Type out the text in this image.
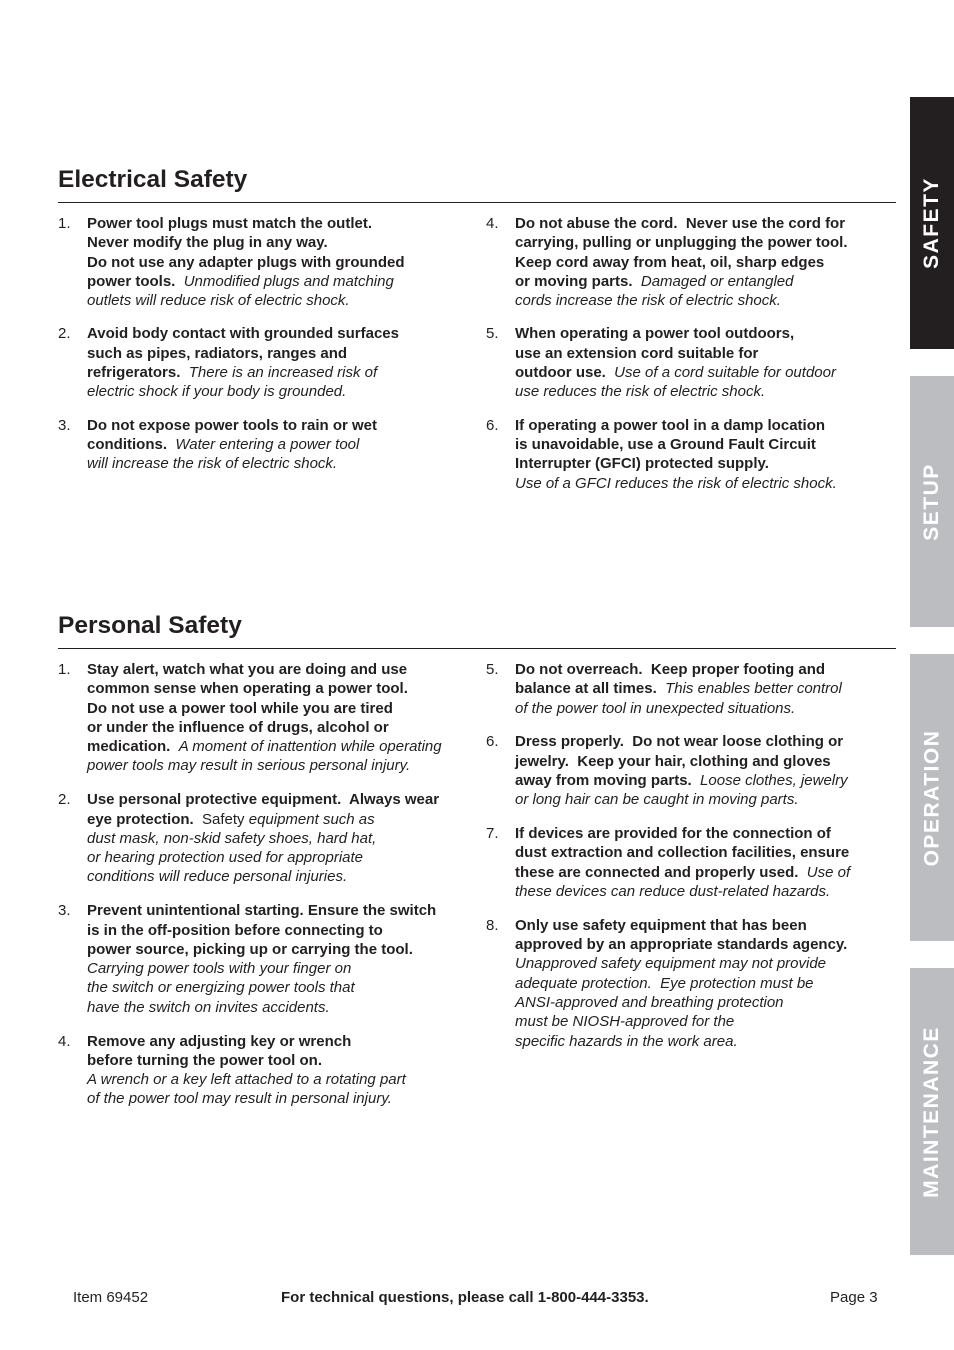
SAFETY
SETUP
OPERATION
MAINTENANCE
Electrical Safety
1. Power tool plugs must match the outlet.
Never modify the plug in any way.
Do not use any adapter plugs with grounded
power tools.  Unmodified plugs and matching
outlets will reduce risk of electric shock.
2. Avoid body contact with grounded surfaces
such as pipes, radiators, ranges and
refrigerators.  There is an increased risk of
electric shock if your body is grounded.
3. Do not expose power tools to rain or wet
conditions.  Water entering a power tool
will increase the risk of electric shock.
4. Do not abuse the cord.  Never use the cord for
carrying, pulling or unplugging the power tool.
Keep cord away from heat, oil, sharp edges
or moving parts.  Damaged or entangled
cords increase the risk of electric shock.
5. When operating a power tool outdoors,
use an extension cord suitable for
outdoor use.  Use of a cord suitable for outdoor
use reduces the risk of electric shock.
6. If operating a power tool in a damp location
is unavoidable, use a Ground Fault Circuit
Interrupter (GFCI) protected supply.
Use of a GFCI reduces the risk of electric shock.
Personal Safety
1. Stay alert, watch what you are doing and use
common sense when operating a power tool.
Do not use a power tool while you are tired
or under the influence of drugs, alcohol or
medication.  A moment of inattention while operating
power tools may result in serious personal injury.
2. Use personal protective equipment.  Always wear
eye protection.  Safety equipment such as
dust mask, non-skid safety shoes, hard hat,
or hearing protection used for appropriate
conditions will reduce personal injuries.
3. Prevent unintentional starting. Ensure the switch
is in the off-position before connecting to
power source, picking up or carrying the tool.
Carrying power tools with your finger on
the switch or energizing power tools that
have the switch on invites accidents.
4. Remove any adjusting key or wrench
before turning the power tool on.
A wrench or a key left attached to a rotating part
of the power tool may result in personal injury.
5. Do not overreach.  Keep proper footing and
balance at all times.  This enables better control
of the power tool in unexpected situations.
6. Dress properly.  Do not wear loose clothing or
jewelry.  Keep your hair, clothing and gloves
away from moving parts.  Loose clothes, jewelry
or long hair can be caught in moving parts.
7. If devices are provided for the connection of
dust extraction and collection facilities, ensure
these are connected and properly used.  Use of
these devices can reduce dust-related hazards.
8. Only use safety equipment that has been
approved by an appropriate standards agency.
Unapproved safety equipment may not provide
adequate protection.  Eye protection must be
ANSI-approved and breathing protection
must be NIOSH-approved for the
specific hazards in the work area.
Item 69452	For technical questions, please call 1-800-444-3353.	Page 3
